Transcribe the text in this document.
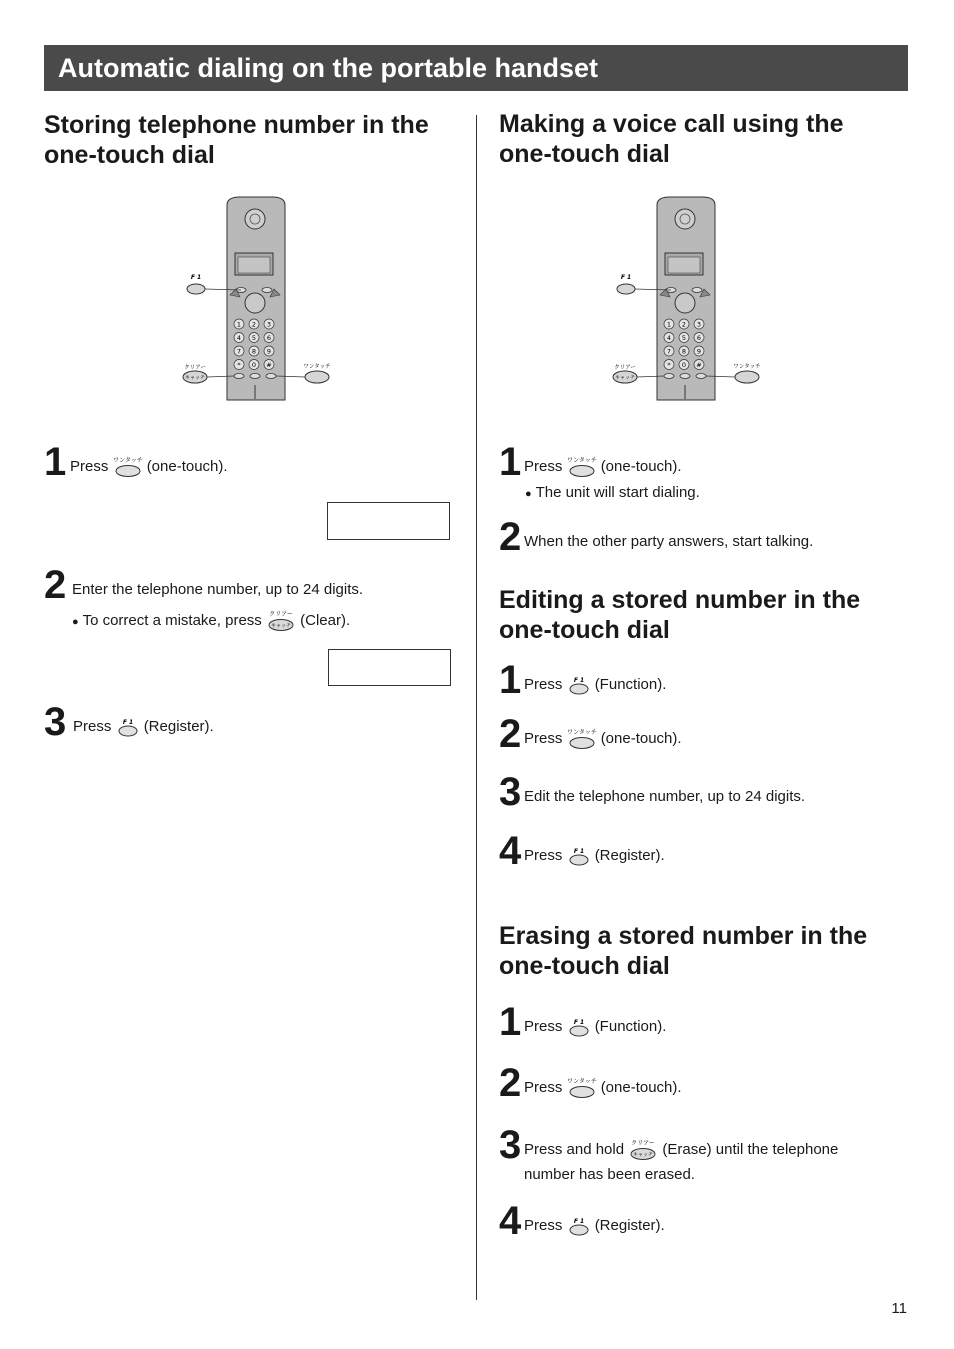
Automatic dialing on the portable handset
Storing telephone number in the
one-touch dial
1 2 3
4 5 6
7 8 9
* 0 #
F 1
クリアー
キャッチ
ワンタッチ
1 Press ワンタッチ (one-touch).
2 Enter the telephone number, up to 24 digits.
● To correct a mistake, press クリアー
キャッチ (Clear).
3 Press F 1 (Register).
Making a voice call using the
one-touch dial
1 2 3
4 5 6
7 8 9
* 0 #
F 1
クリアー
キャッチ
ワンタッチ
1 Press ワンタッチ (one-touch).
● The unit will start dialing.
2 When the other party answers, start talking.
Editing a stored number in the
one-touch dial
1 Press F 1 (Function).
2 Press ワンタッチ (one-touch).
3 Edit the telephone number, up to 24 digits.
4 Press F 1 (Register).
Erasing a stored number in the
one-touch dial
1 Press F 1 (Function).
2 Press ワンタッチ (one-touch).
3 Press and hold クリアー
キャッチ (Erase) until the telephone
number has been erased.
4 Press F 1 (Register).
11
